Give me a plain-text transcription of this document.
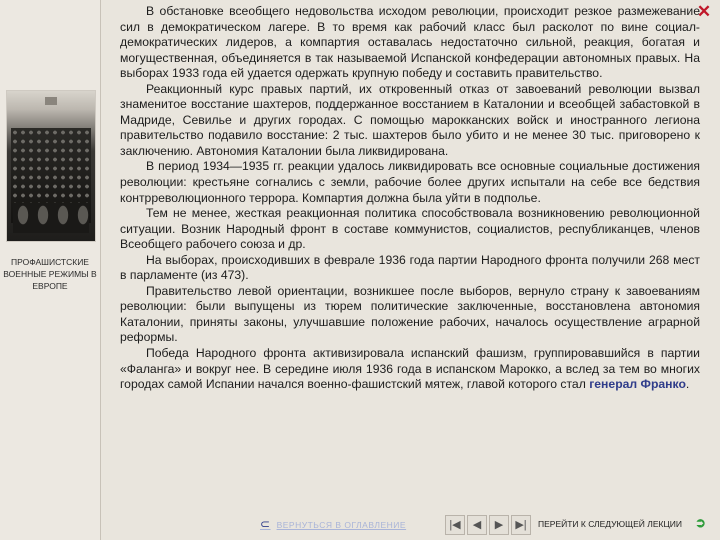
ПРОФАШИСТСКИЕ ВОЕННЫЕ РЕЖИМЫ В ЕВРОПЕ
✕

В обстановке всеобщего недовольства исходом революции, происходит резкое размежевание сил в демократическом лагере. В то время как рабочий класс был расколот по вине социал-демократических лидеров, а компартия оставалась недостаточно сильной, реакция, богатая и могущественная, объединяется в так называемой Испанской конфедерации автономных правых. На выборах 1933 года ей удается одержать крупную победу и составить правительство.

Реакционный курс правых партий, их откровенный отказ от завоеваний революции вызвал знаменитое восстание шахтеров, поддержанное восстанием в Каталонии и всеобщей забастовкой в Мадриде, Севилье и других городах. С помощью марокканских войск и иностранного легиона правительство подавило восстание: 2 тыс. шахтеров было убито и не менее 30 тыс. приговорено к заключению. Автономия Каталонии была ликвидирована.

В период 1934—1935 гг. реакции удалось ликвидировать все основные социальные достижения революции: крестьяне согнались с земли, рабочие более других испытали на себе все бедствия контрреволюционного террора. Компартия должна была уйти в подполье.

Тем не менее, жесткая реакционная политика способствовала возникновению революционной ситуации. Возник Народный фронт в составе коммунистов, социалистов, республиканцев, членов Всеобщего рабочего союза и др.

На выборах, происходивших в феврале 1936 года партии Народного фронта получили 268 мест в парламенте (из 473).

Правительство левой ориентации, возникшее после выборов, вернуло страну к завоеваниям революции: были выпущены из тюрем политические заключенные, восстановлена автономия Каталонии, приняты законы, улучшавшие положение рабочих, началось осуществление аграрной реформы.

Победа Народного фронта активизировала испанский фашизм, группировавшийся в партии «Фаланга» и вокруг нее. В середине июля 1936 года в испанском Марокко, а вслед за тем во многих городах самой Испании начался военно-фашистский мятеж, главой которого стал генерал Франко.

⊂ ВЕРНУТЬСЯ В ОГЛАВЛЕНИЕ	|◀	◀	▶	▶|	ПЕРЕЙТИ К СЛЕДУЮЩЕЙ ЛЕКЦИИ ➲
